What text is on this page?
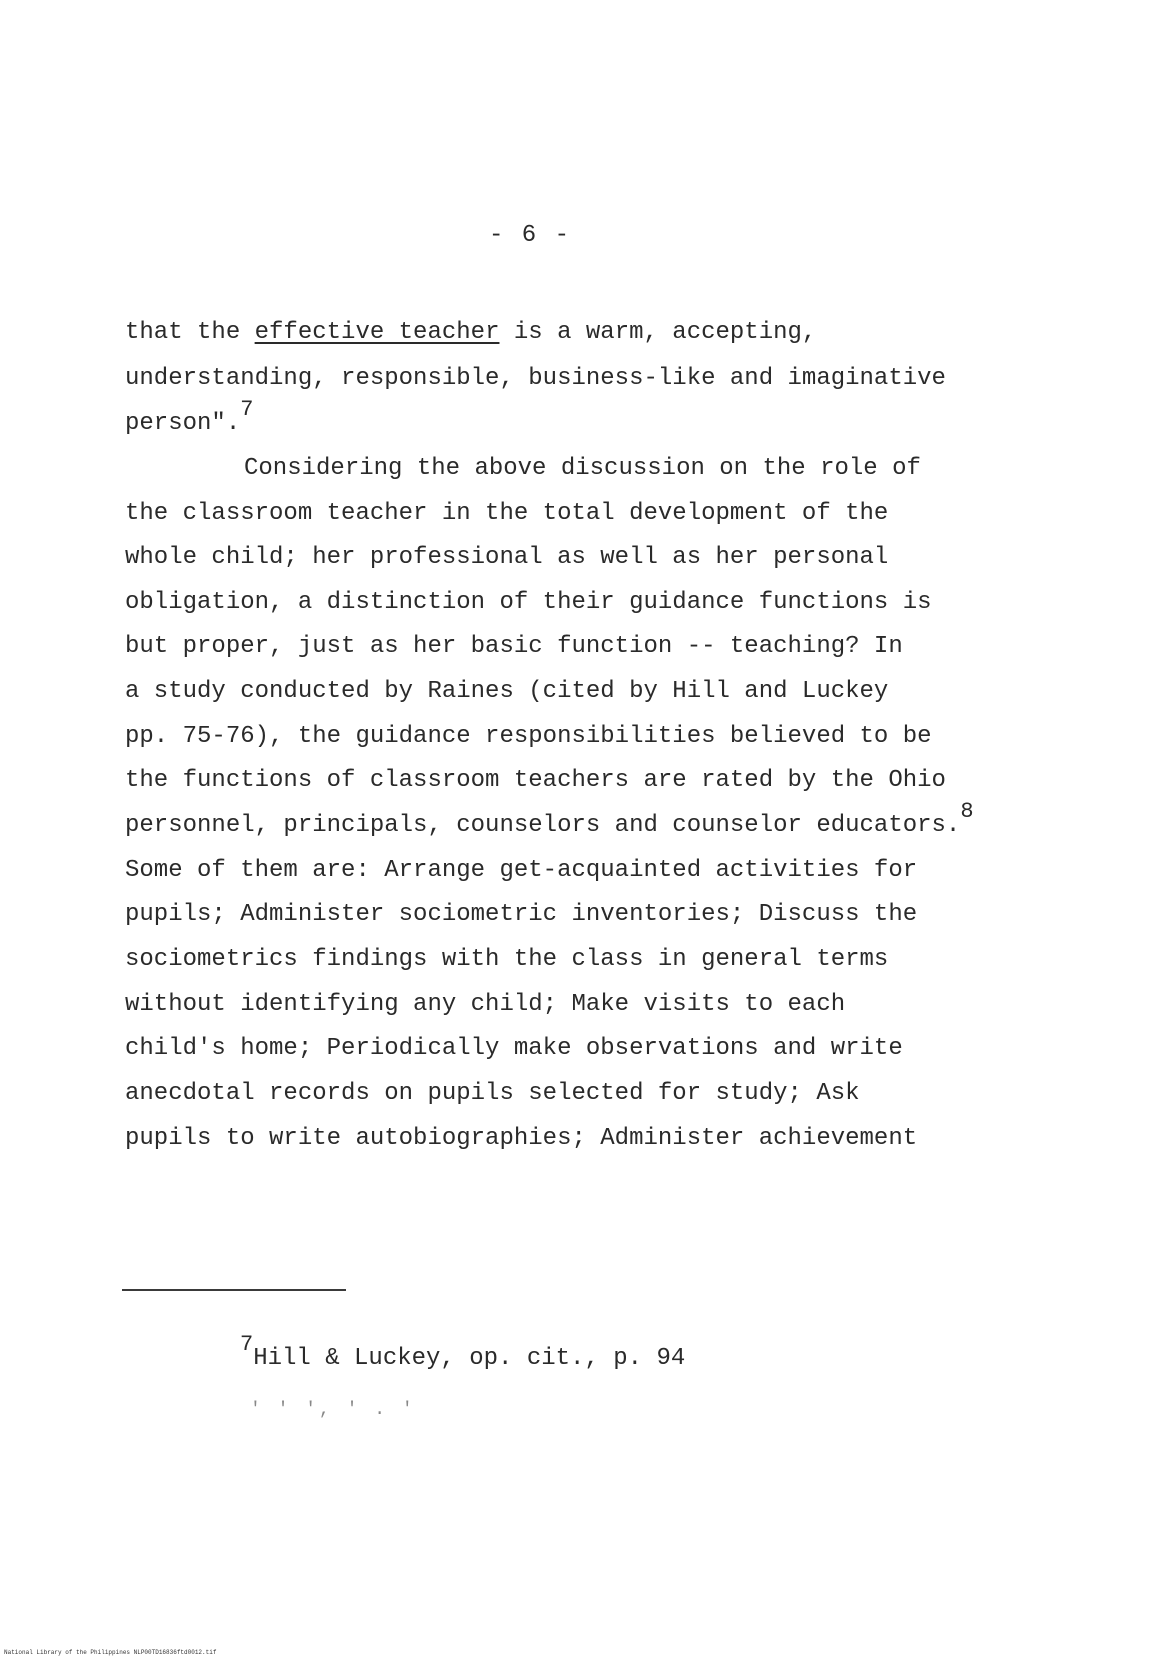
- 6 -
that the effective teacher is a warm, accepting,
understanding, responsible, business-like and imaginative
person".$^7$
Considering the above discussion on the role of
the classroom teacher in the total development of the
whole child; her professional as well as her personal
obligation, a distinction of their guidance functions is
but proper, just as her basic function -- teaching? In
a study conducted by Raines (cited by Hill and Luckey
pp. 75-76), the guidance responsibilities believed to be
the functions of classroom teachers are rated by the Ohio
personnel, principals, counselors and counselor educators.$^8$
Some of them are: Arrange get-acquainted activities for
pupils; Administer sociometric inventories; Discuss the
sociometrics findings with the class in general terms
without identifying any child; Make visits to each
child's home; Periodically make observations and write
anecdotal records on pupils selected for study; Ask
pupils to write autobiographies; Administer achievement
$^7$Hill & Luckey, op. cit., p. 94
' ' ', ' . '
National Library of the Philippines NLP00TD16836ftd0012.tif
